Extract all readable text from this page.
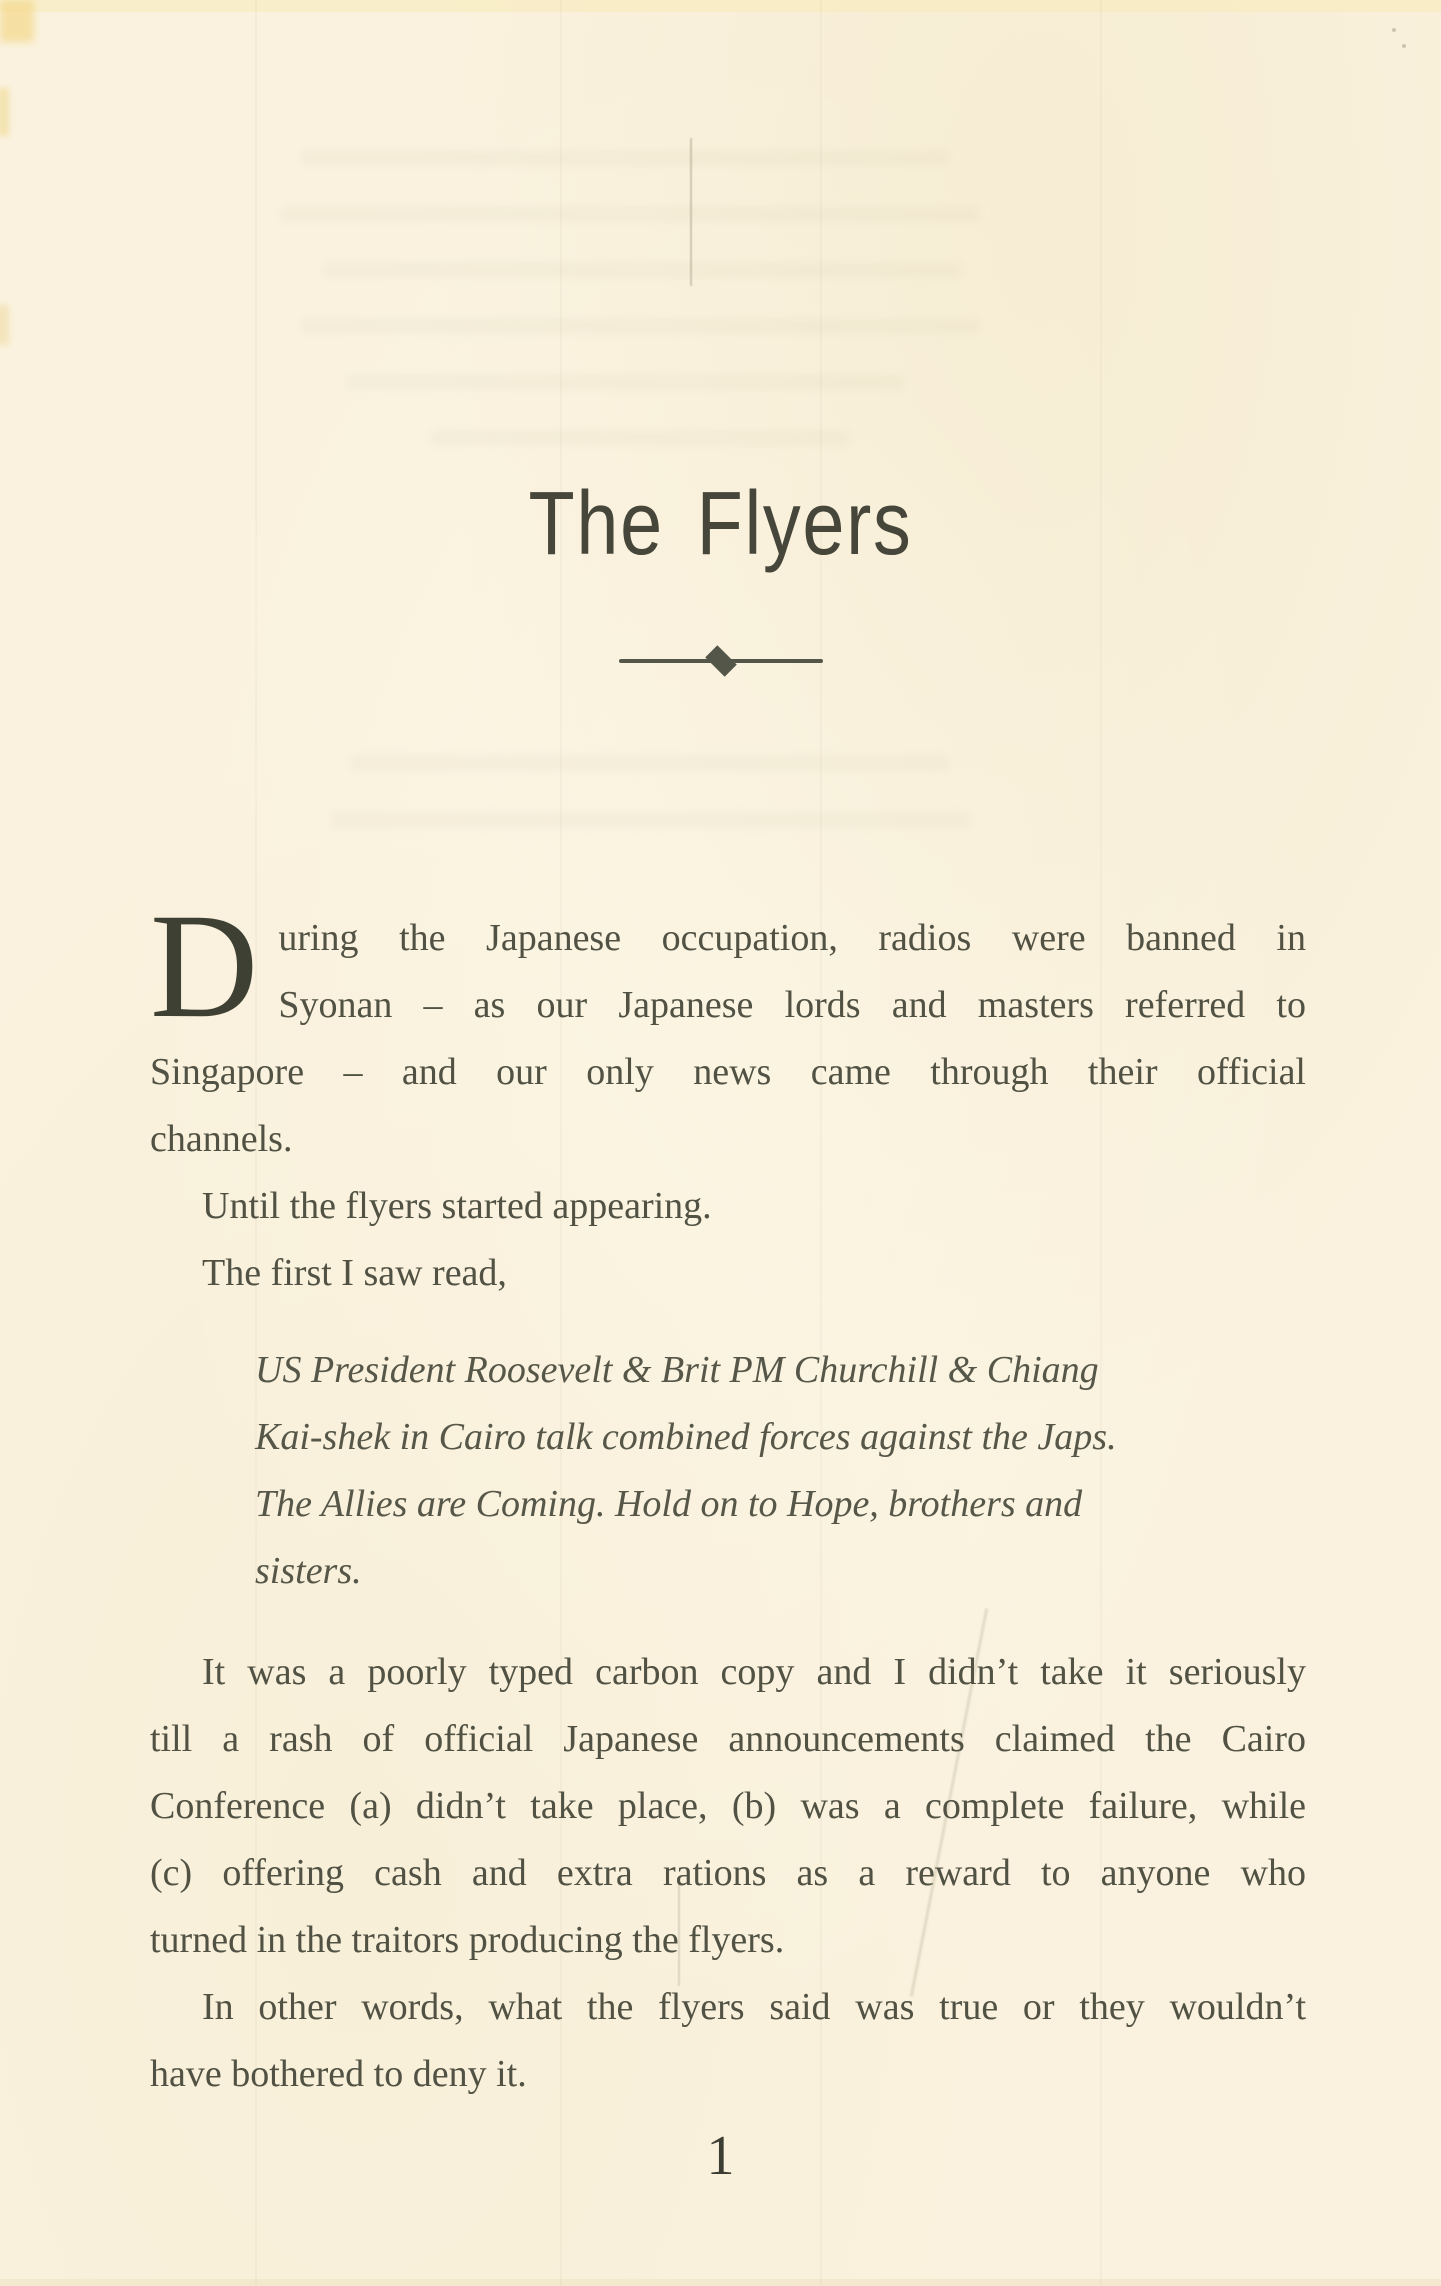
The Flyers
D uring the Japanese occupation, radios were banned in
Syonan – as our Japanese lords and masters referred to
Singapore – and our only news came through their official
channels.
Until the flyers started appearing.
The first I saw read,
US President Roosevelt & Brit PM Churchill & Chiang
Kai-shek in Cairo talk combined forces against the Japs.
The Allies are Coming. Hold on to Hope, brothers and
sisters.
It was a poorly typed carbon copy and I didn’t take it seriously
till a rash of official Japanese announcements claimed the Cairo
Conference (a) didn’t take place, (b) was a complete failure, while
(c) offering cash and extra rations as a reward to anyone who
turned in the traitors producing the flyers.
In other words, what the flyers said was true or they wouldn’t
have bothered to deny it.
1
